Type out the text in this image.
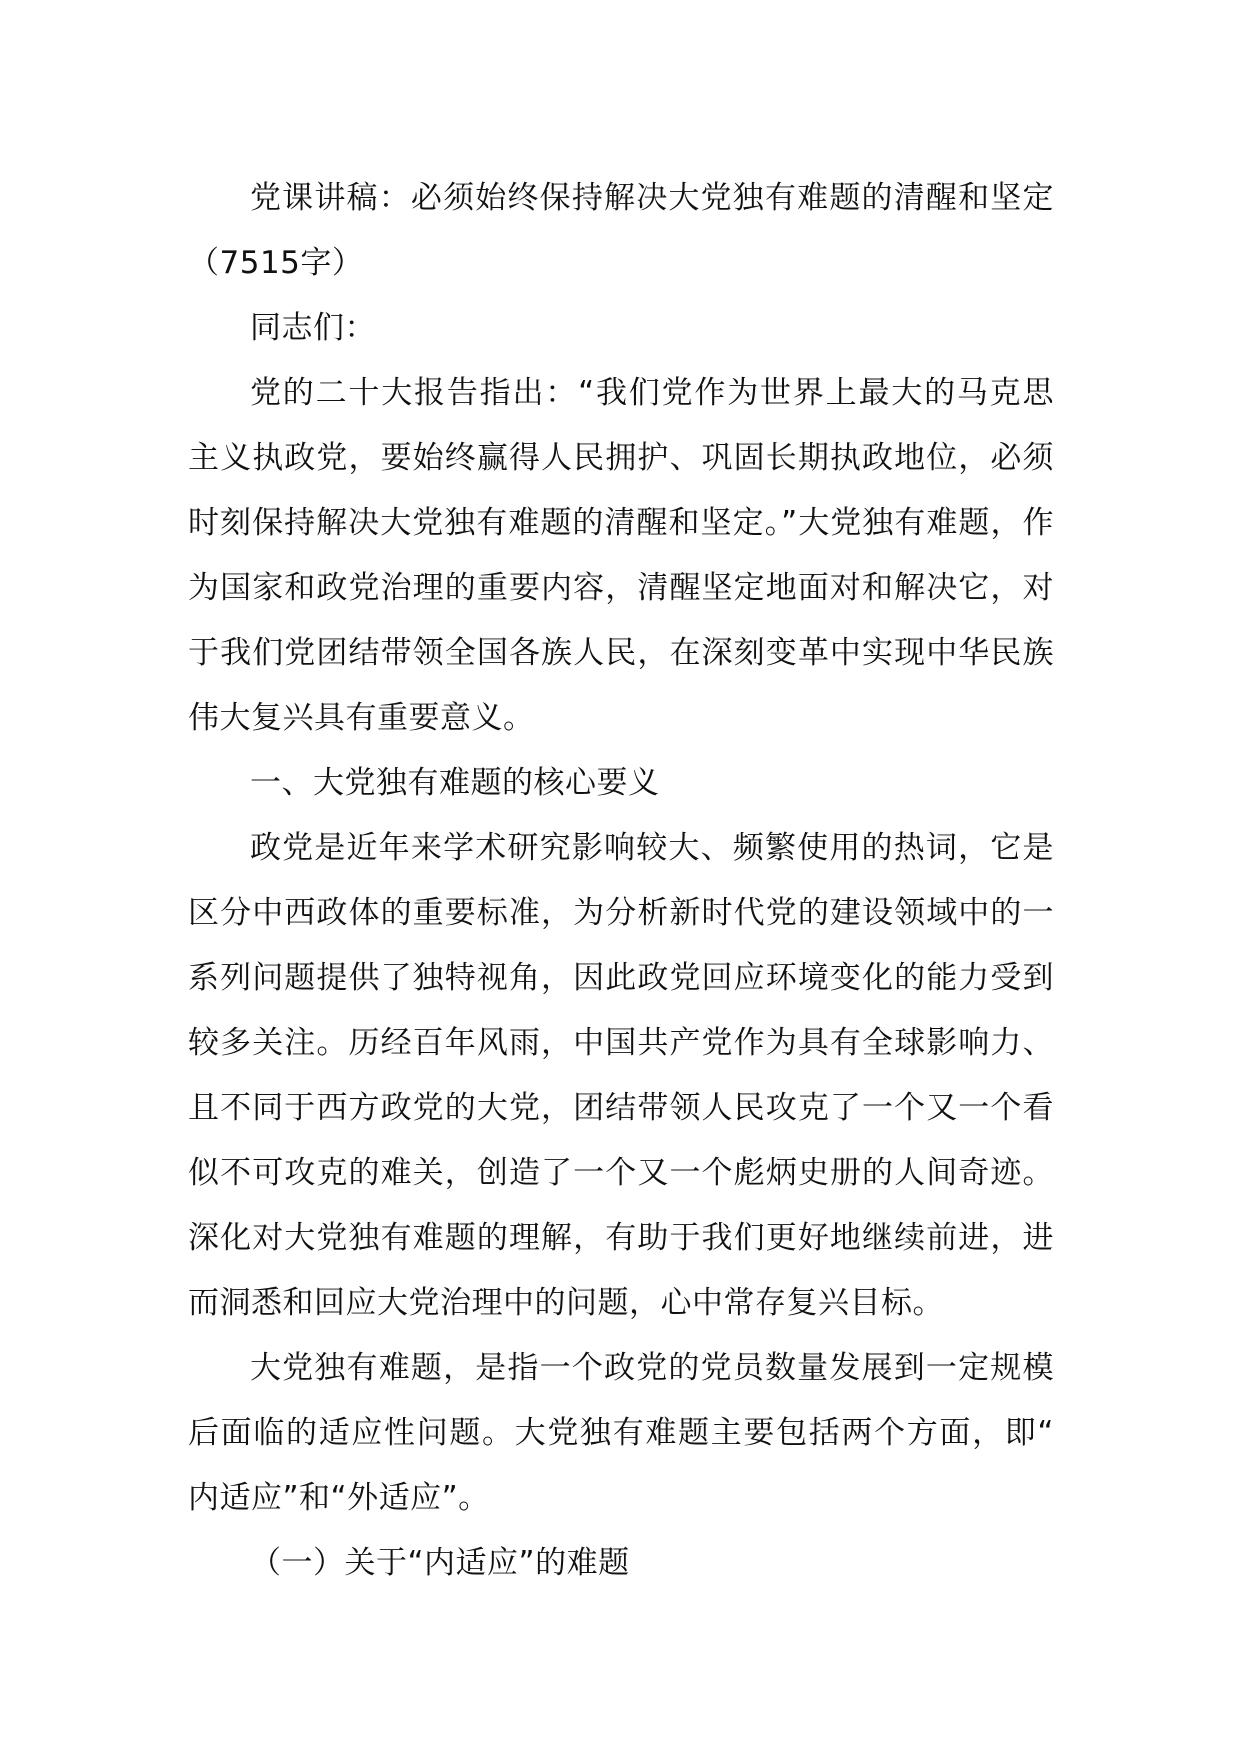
党课讲稿：必须始终保持解决大党独有难题的清醒和坚定（7515字）

同志们：

党的二十大报告指出：“我们党作为世界上最大的马克思主义执政党，要始终赢得人民拥护、巩固长期执政地位，必须时刻保持解决大党独有难题的清醒和坚定。”大党独有难题，作为国家和政党治理的重要内容，清醒坚定地面对和解决它，对于我们党团结带领全国各族人民，在深刻变革中实现中华民族伟大复兴具有重要意义。

一、大党独有难题的核心要义

政党是近年来学术研究影响较大、频繁使用的热词，它是区分中西政体的重要标准，为分析新时代党的建设领域中的一系列问题提供了独特视角，因此政党回应环境变化的能力受到较多关注。历经百年风雨，中国共产党作为具有全球影响力、且不同于西方政党的大党，团结带领人民攻克了一个又一个看似不可攻克的难关，创造了一个又一个彪炳史册的人间奇迹。深化对大党独有难题的理解，有助于我们更好地继续前进，进而洞悉和回应大党治理中的问题，心中常存复兴目标。

大党独有难题，是指一个政党的党员数量发展到一定规模后面临的适应性问题。大党独有难题主要包括两个方面，即“内适应”和“外适应”。

（一）关于“内适应”的难题
